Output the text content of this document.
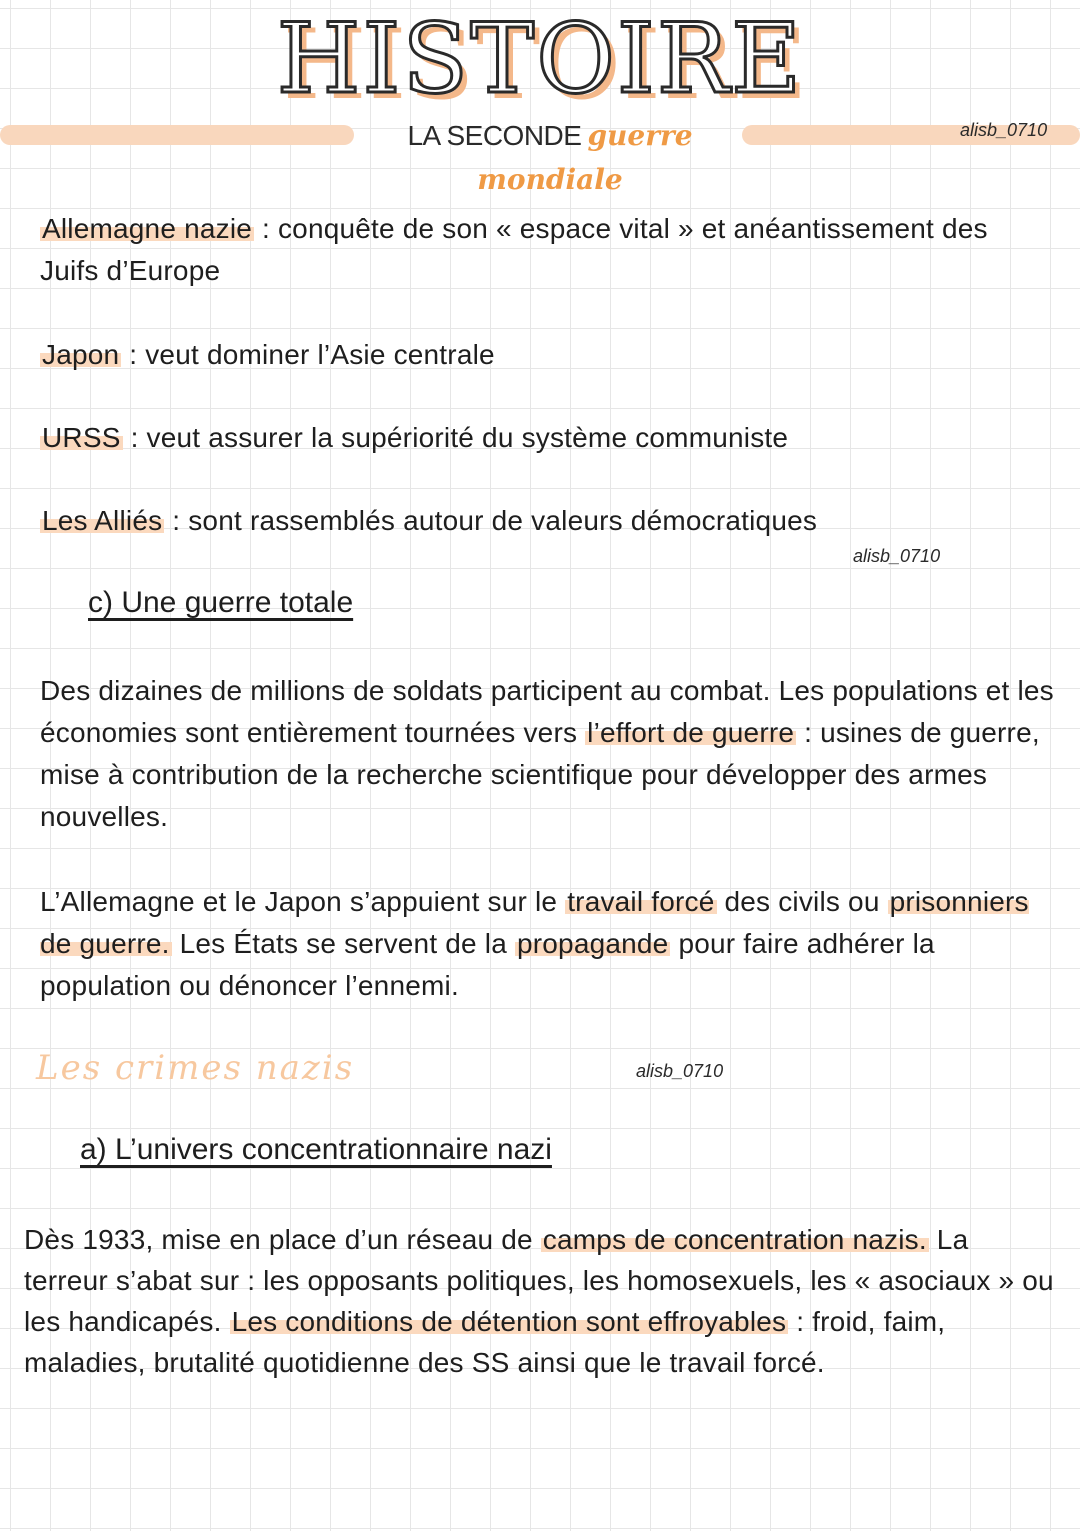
HISTOIRE
LA SECONDE guerre mondiale
alisb_0710

Allemagne nazie : conquête de son « espace vital » et anéantissement des Juifs d’Europe

Japon : veut dominer l’Asie centrale

URSS : veut assurer la supériorité du système communiste

Les Alliés : sont rassemblés autour de valeurs démocratiques

alisb_0710
c) Une guerre totale

Des dizaines de millions de soldats participent au combat. Les populations et les économies sont entièrement tournées vers l’effort de guerre : usines de guerre, mise à contribution de la recherche scientifique pour développer des armes nouvelles.

L’Allemagne et le Japon s’appuient sur le travail forcé des civils ou prisonniers de guerre. Les États se servent de la propagande pour faire adhérer la population ou dénoncer l’ennemi.

Les crimes nazis	alisb_0710
a) L’univers concentrationnaire nazi

Dès 1933, mise en place d’un réseau de camps de concentration nazis. La terreur s’abat sur : les opposants politiques, les homosexuels, les « asociaux » ou les handicapés. Les conditions de détention sont effroyables : froid, faim, maladies, brutalité quotidienne des SS ainsi que le travail forcé.
